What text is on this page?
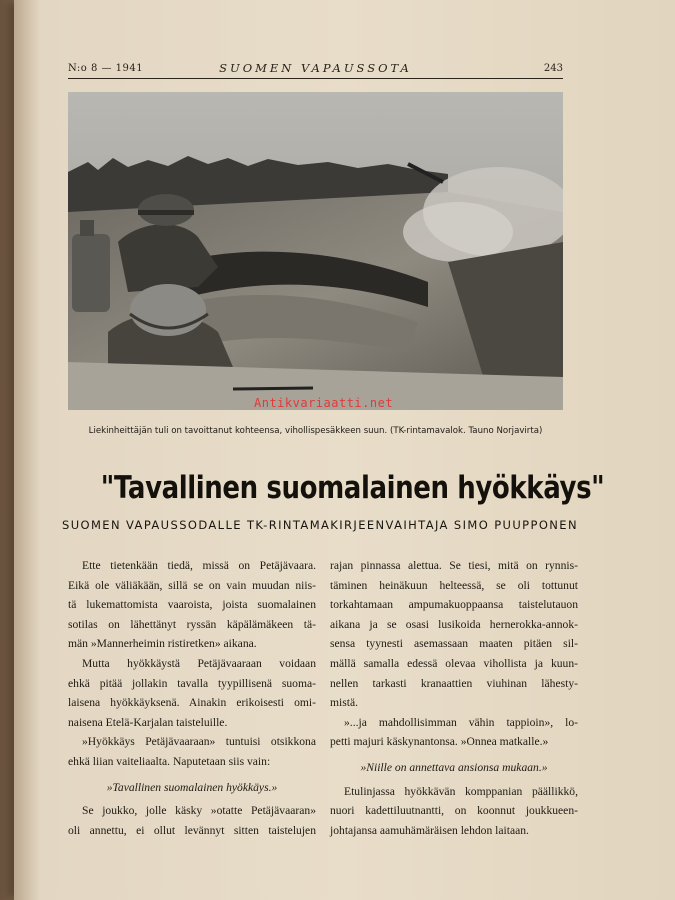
N:o 8 — 1941	SUOMEN VAPAUSSOTA	243
Antikvariaatti.net
Liekinheittäjän tuli on tavoittanut kohteensa, vihollispesäkkeen suun. (TK-rintamavalok. Tauno Norjavirta)
"Tavallinen suomalainen hyökkäys"
SUOMEN VAPAUSSODALLE TK-RINTAMAKIRJEENVAIHTAJA SIMO PUUPPONEN
Ette tietenkään tiedä, missä on Petäjävaara.
Eikä ole väliäkään, sillä se on vain muudan niis-
tä lukemattomista vaaroista, joista suomalainen
sotilas on lähettänyt ryssän käpälämäkeen tä-
män »Mannerheimin ristiretken» aikana.
Mutta hyökkäystä Petäjävaaraan voidaan
ehkä pitää jollakin tavalla tyypillisenä suoma-
laisena hyökkäyksenä. Ainakin erikoisesti omi-
naisena Etelä-Karjalan taisteluille.
»Hyökkäys Petäjävaaraan» tuntuisi otsikkona
ehkä liian vaiteliaalta. Naputetaan siis vain:
»Tavallinen suomalainen hyökkäys.»
Se joukko, jolle käsky »otatte Petäjävaaran»
oli annettu, ei ollut levännyt sitten taistelujen
rajan pinnassa alettua. Se tiesi, mitä on rynnis-
täminen heinäkuun helteessä, se oli tottunut
torkahtamaan ampumakuoppaansa taistelutauon
aikana ja se osasi lusikoida hernerokka-annok-
sensa tyynesti asemassaan maaten pitäen sil-
mällä samalla edessä olevaa vihollista ja kuun-
nellen tarkasti kranaattien viuhinan lähesty-
mistä.
»...ja mahdollisimman vähin tappioin», lo-
petti majuri käskynantonsa. »Onnea matkalle.»
»Niille on annettava ansionsa mukaan.»
Etulinjassa hyökkävän komppanian päällikkö,
nuori kadettiluutnantti, on koonnut joukkueen-
johtajansa aamuhämäräisen lehdon laitaan.
